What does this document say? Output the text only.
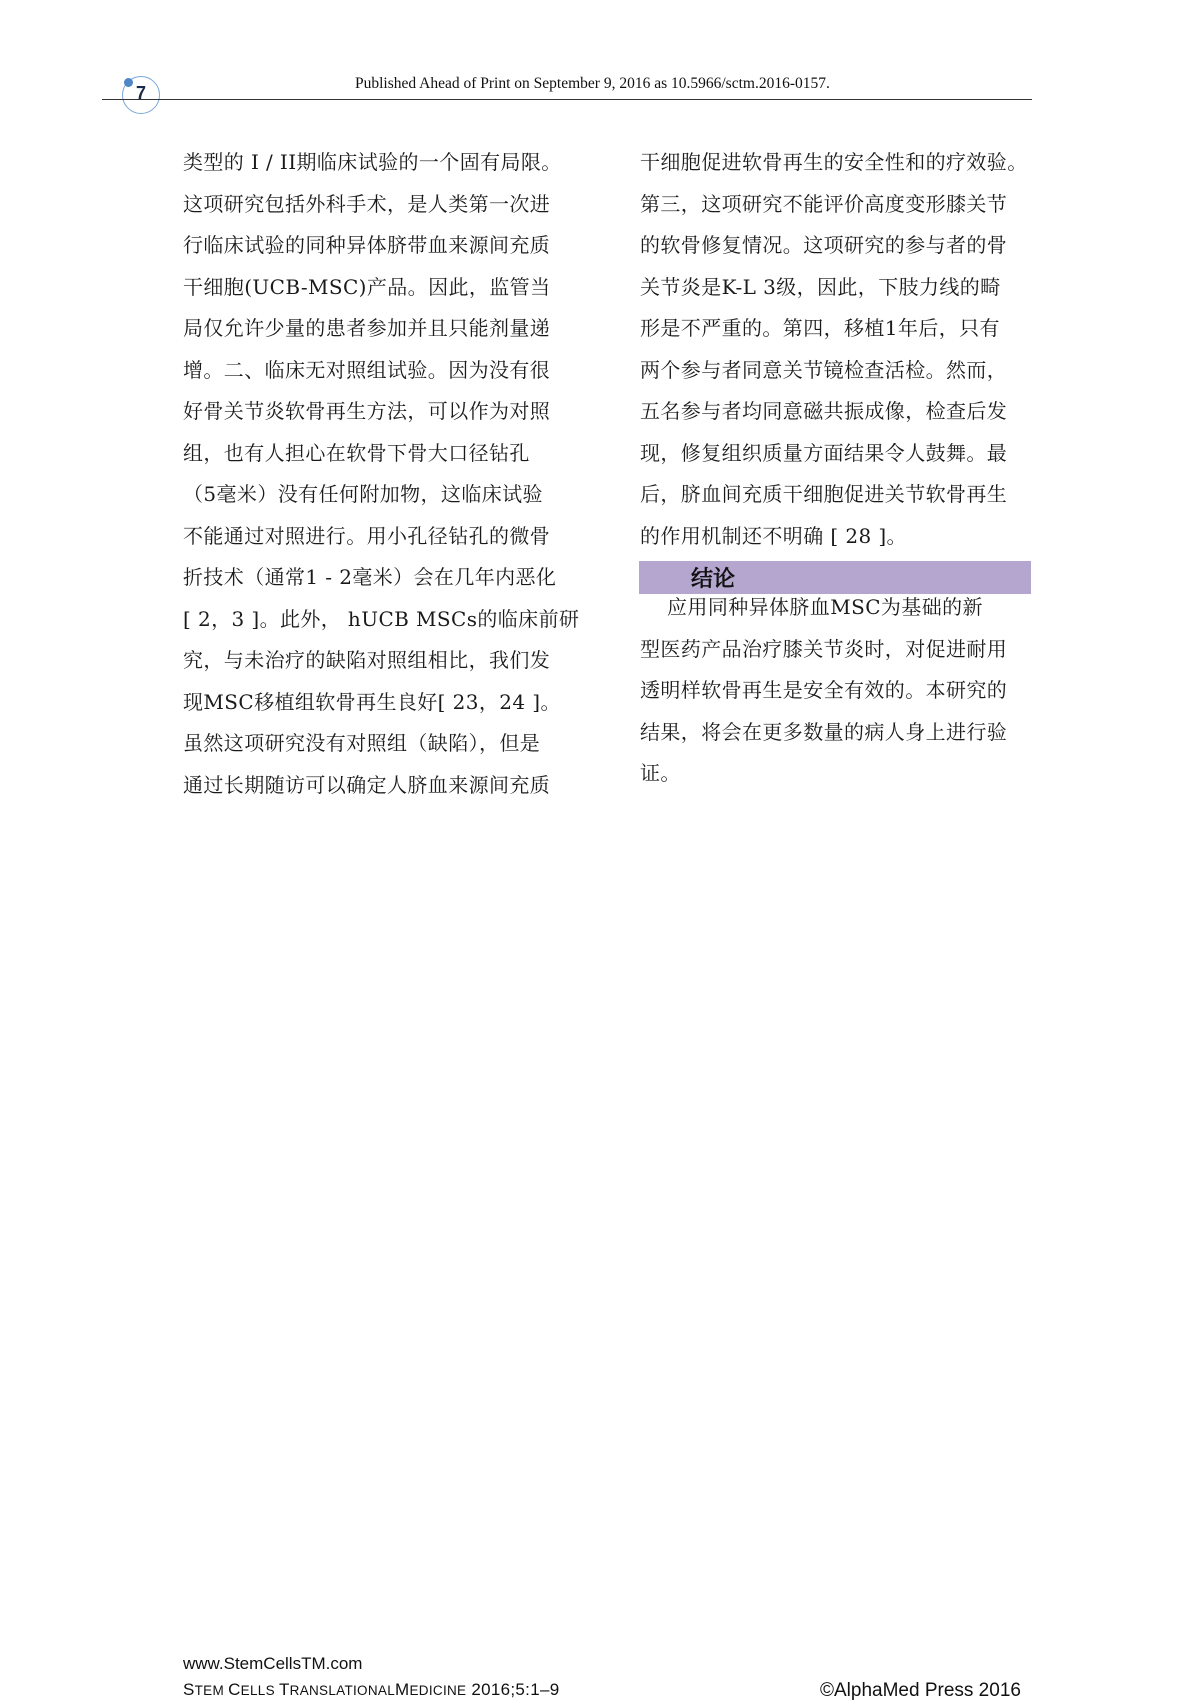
7	Published Ahead of Print on September 9, 2016 as 10.5966/sctm.2016-0157.
类型的 I / II期临床试验的一个固有局限。
这项研究包括外科手术，是人类第一次进
行临床试验的同种异体脐带血来源间充质
干细胞(UCB-MSC)产品。因此，监管当
局仅允许少量的患者参加并且只能剂量递
增。二、临床无对照组试验。因为没有很
好骨关节炎软骨再生方法，可以作为对照
组，也有人担心在软骨下骨大口径钻孔
（5毫米）没有任何附加物，这临床试验
不能通过对照进行。用小孔径钻孔的微骨
折技术（通常1 - 2毫米）会在几年内恶化
[ 2，3 ]。此外， hUCB MSCs的临床前研
究，与未治疗的缺陷对照组相比，我们发
现MSC移植组软骨再生良好[ 23，24 ]。
虽然这项研究没有对照组（缺陷），但是
通过长期随访可以确定人脐血来源间充质
干细胞促进软骨再生的安全性和的疗效验。
第三，这项研究不能评价高度变形膝关节
的软骨修复情况。这项研究的参与者的骨
关节炎是K-L 3级，因此，下肢力线的畸
形是不严重的。第四，移植1年后，只有
两个参与者同意关节镜检查活检。然而，
五名参与者均同意磁共振成像，检查后发
现，修复组织质量方面结果令人鼓舞。最
后，脐血间充质干细胞促进关节软骨再生
的作用机制还不明确 [ 28 ]。
结论
应用同种异体脐血MSC为基础的新
型医药产品治疗膝关节炎时，对促进耐用
透明样软骨再生是安全有效的。本研究的
结果，将会在更多数量的病人身上进行验
证。
www.StemCellsTM.com
STEM CELLS TRANSLATIONALMEDICINE 2016;5:1–9	©AlphaMed Press 2016
